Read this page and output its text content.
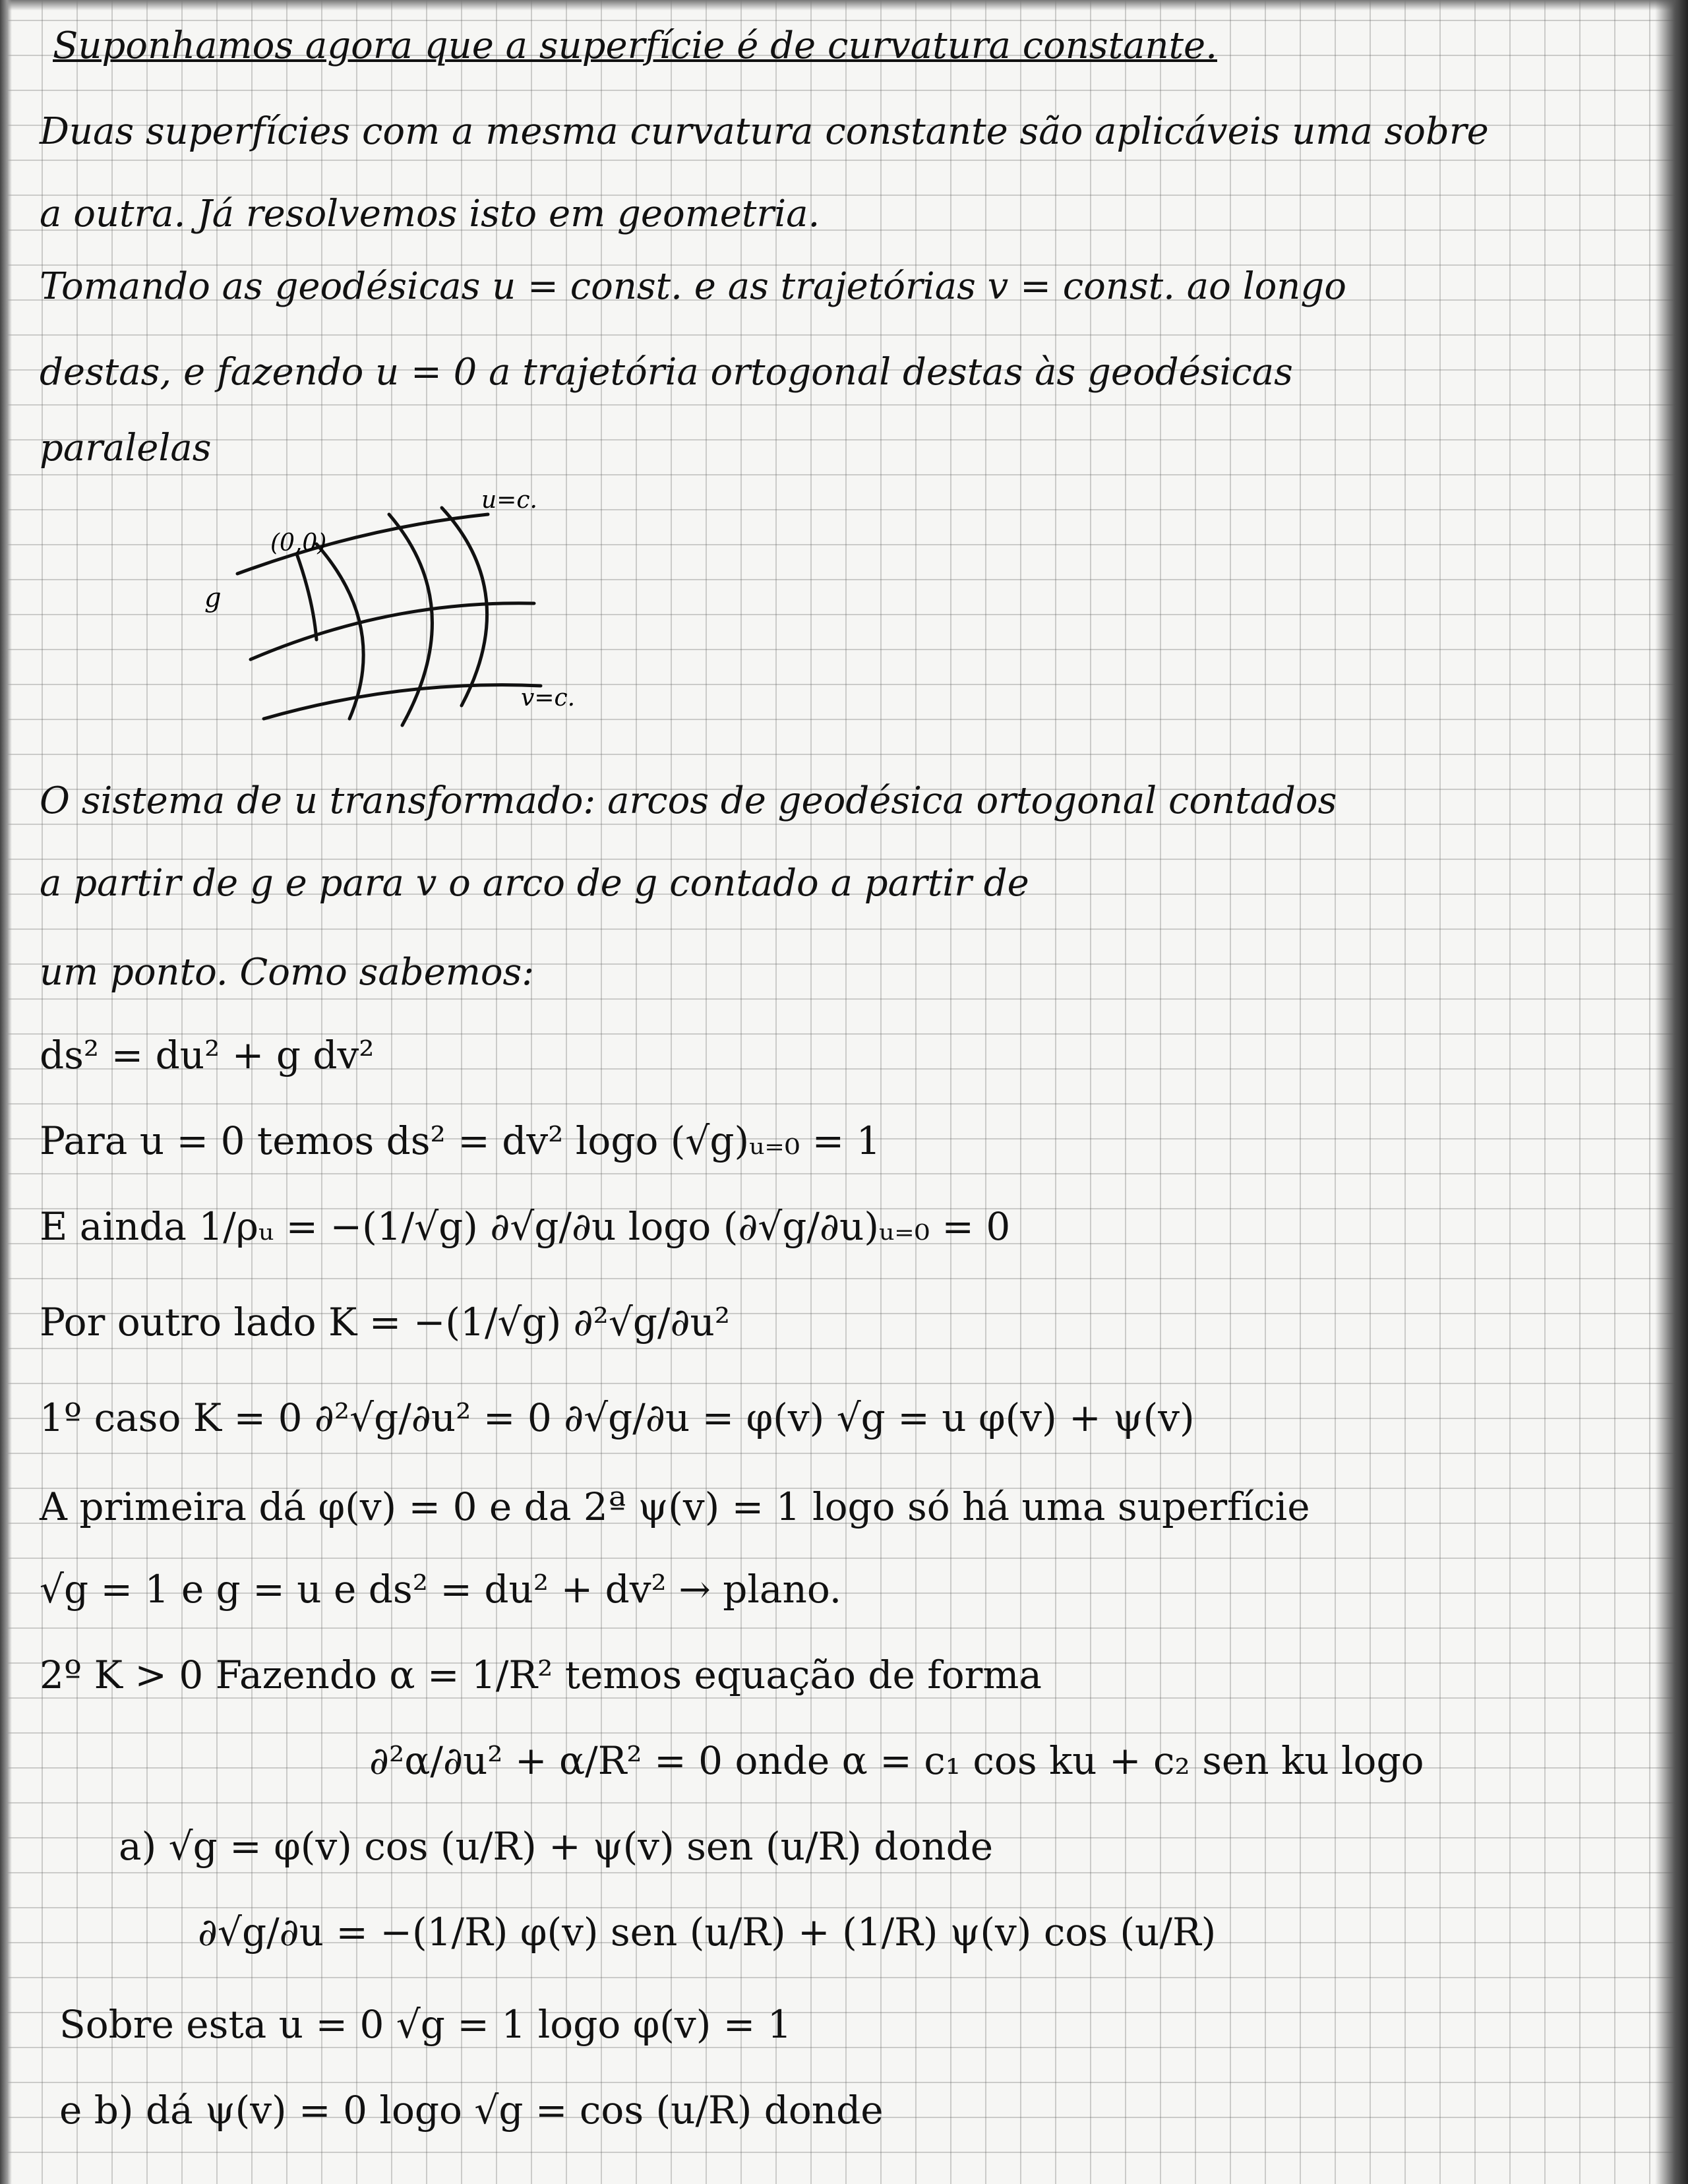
Suponhamos agora que a superfície é de curvatura constante.
Duas superfícies com a mesma curvatura constante são aplicáveis uma sobre
a outra. Já resolvemos isto em geometria.
Tomando as geodésicas u = const. e as trajetórias v = const. ao longo
destas, e fazendo u = 0 a trajetória ortogonal destas às geodésicas
paralelas
u=c.
(0,0)
g
v=c.
O sistema de u transformado: arcos de geodésica ortogonal contados
a partir de g e para v o arco de g contado a partir de
um ponto. Como sabemos:
ds² = du² + g dv²
Para u = 0 temos ds² = dv² logo (√g)ᵤ₌₀ = 1
E ainda 1/ρᵤ = −(1/√g) ∂√g/∂u logo (∂√g/∂u)ᵤ₌₀ = 0
Por outro lado K = −(1/√g) ∂²√g/∂u²
1º caso K = 0 ∂²√g/∂u² = 0 ∂√g/∂u = φ(v) √g = u φ(v) + ψ(v)
A primeira dá φ(v) = 0 e da 2ª ψ(v) = 1 logo só há uma superfície
√g = 1 e g = u e ds² = du² + dv² → plano.
2º K > 0 Fazendo α = 1/R² temos equação de forma
∂²α/∂u² + α/R² = 0 onde α = c₁ cos ku + c₂ sen ku logo
a) √g = φ(v) cos (u/R) + ψ(v) sen (u/R) donde
∂√g/∂u = −(1/R) φ(v) sen (u/R) + (1/R) ψ(v) cos (u/R)
Sobre esta u = 0 √g = 1 logo φ(v) = 1
e b) dá ψ(v) = 0 logo √g = cos (u/R) donde
